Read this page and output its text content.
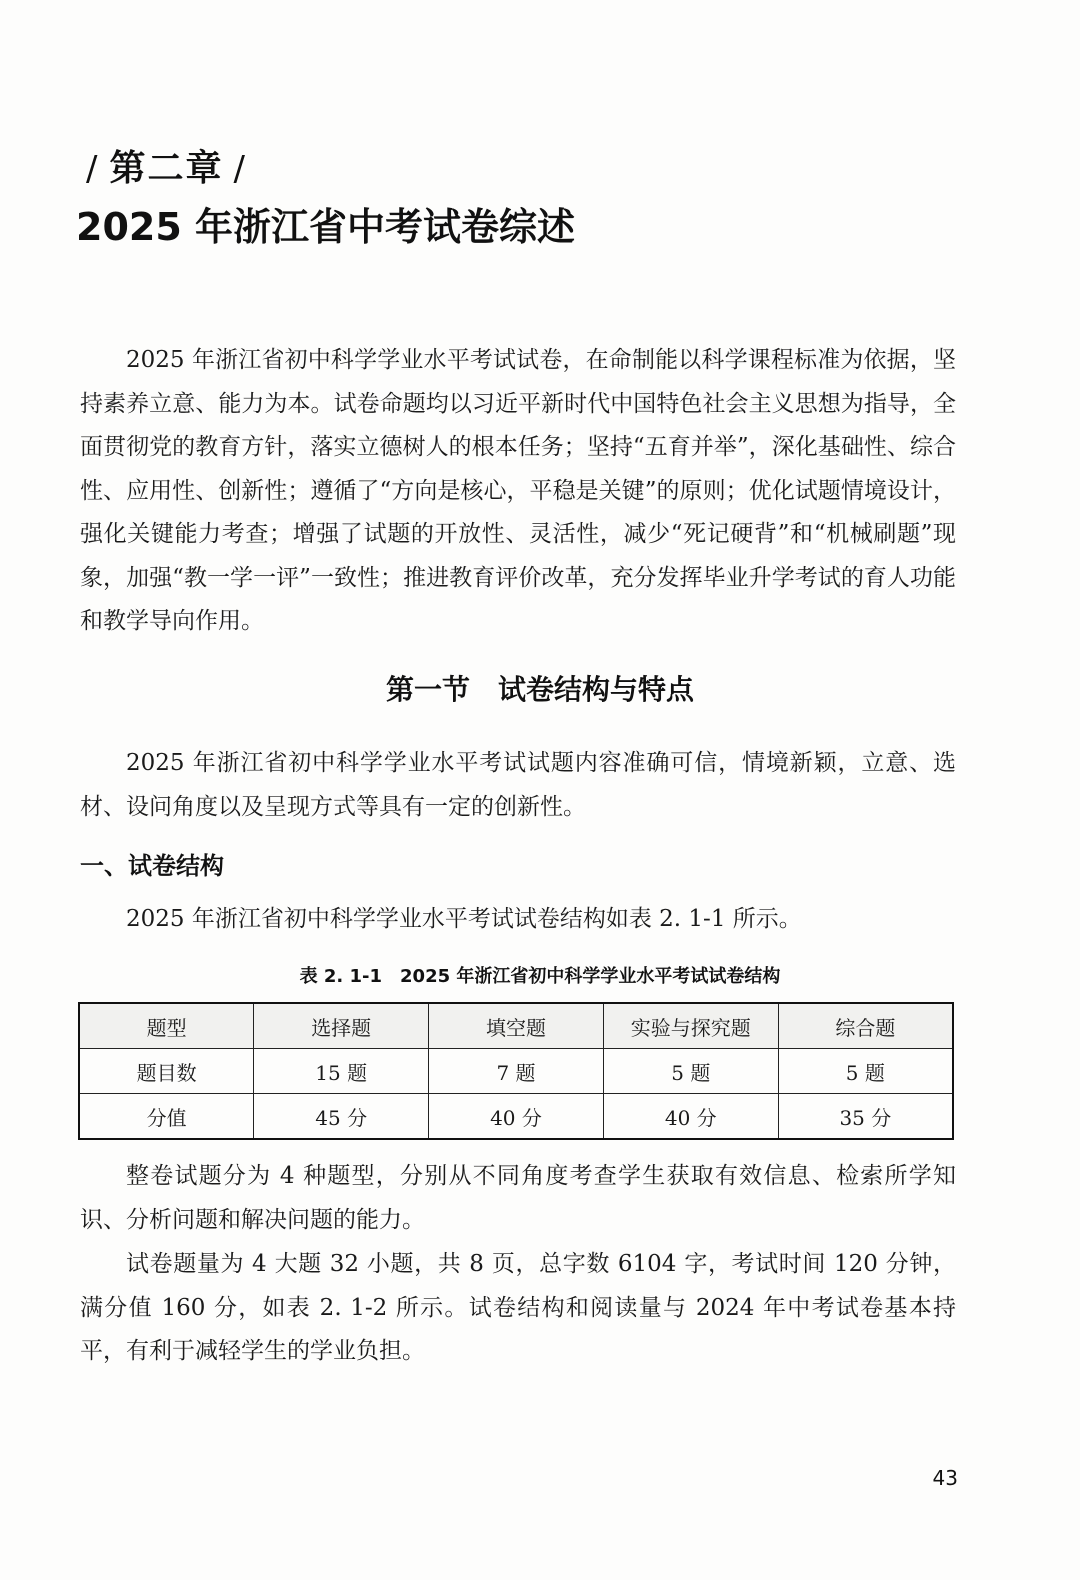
/ 第二章 /
2025 年浙江省中考试卷综述

2025 年浙江省初中科学学业水平考试试卷，在命制能以科学课程标准为依据，坚持素养立意、能力为本。试卷命题均以习近平新时代中国特色社会主义思想为指导，全面贯彻党的教育方针，落实立德树人的根本任务；坚持“五育并举”，深化基础性、综合性、应用性、创新性；遵循了“方向是核心，平稳是关键”的原则；优化试题情境设计，强化关键能力考查；增强了试题的开放性、灵活性，减少“死记硬背”和“机械刷题”现象，加强“教一学一评”一致性；推进教育评价改革，充分发挥毕业升学考试的育人功能和教学导向作用。

第一节　试卷结构与特点

2025 年浙江省初中科学学业水平考试试题内容准确可信，情境新颖，立意、选材、设问角度以及呈现方式等具有一定的创新性。

一、试卷结构

2025 年浙江省初中科学学业水平考试试卷结构如表 2. 1-1 所示。

表 2. 1-1　2025 年浙江省初中科学学业水平考试试卷结构
题型	选择题	填空题	实验与探究题	综合题
题目数	15 题	7 题	5 题	5 题
分值	45 分	40 分	40 分	35 分

整卷试题分为 4 种题型，分别从不同角度考查学生获取有效信息、检索所学知识、分析问题和解决问题的能力。

试卷题量为 4 大题 32 小题，共 8 页，总字数 6104 字，考试时间 120 分钟，满分值 160 分，如表 2. 1-2 所示。试卷结构和阅读量与 2024 年中考试卷基本持平，有利于减轻学生的学业负担。

43
